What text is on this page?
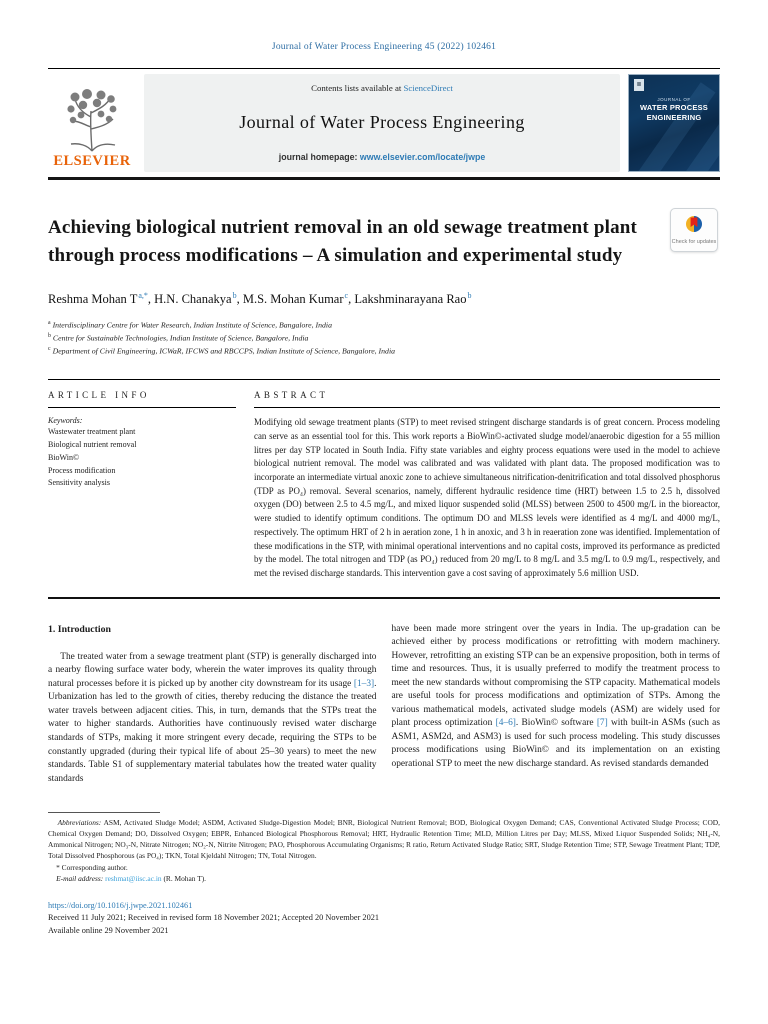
Journal of Water Process Engineering 45 (2022) 102461
ELSEVIER
Contents lists available at ScienceDirect
Journal of Water Process Engineering
journal homepage: www.elsevier.com/locate/jwpe
≣
JOURNAL OF
WATER PROCESS
ENGINEERING
Achieving biological nutrient removal in an old sewage treatment plant through process modifications – A simulation and experimental study
Check for updates
Reshma Mohan $T^{a,*}$, H.N. Chanakya$^b$, M.S. Mohan Kumar$^c$, Lakshminarayana Rao$^b$
$^a$ Interdisciplinary Centre for Water Research, Indian Institute of Science, Bangalore, India
$^b$ Centre for Sustainable Technologies, Indian Institute of Science, Bangalore, India
$^c$ Department of Civil Engineering, ICWaR, IFCWS and RBCCPS, Indian Institute of Science, Bangalore, India
ARTICLE INFO
Keywords:
Wastewater treatment plant
Biological nutrient removal
BioWin©
Process modification
Sensitivity analysis
ABSTRACT
Modifying old sewage treatment plants (STP) to meet revised stringent discharge standards is of great concern. Process modeling can serve as an essential tool for this. This work reports a BioWin©-activated sludge model/anaerobic digestion for a 55 million litres per day STP located in South India. Fifty state variables and eighty process equations were used in the model to achieve biological nutrient removal. The model was calibrated and was validated with plant data. The proposed modification was to incorporate an intermediate virtual anoxic zone to achieve simultaneous nitrification-denitrification and total dissolved phosphorus (TDP as PO₄) removal. Several scenarios, namely, different hydraulic residence time (HRT) between 1.5 to 2.5 h, dissolved oxygen (DO) between 2.5 to 4.5 mg/L, and mixed liquor suspended solid (MLSS) between 2500 to 4500 mg/L in the bioreactor, were studied to identify optimum conditions. The optimum DO and MLSS levels were identified as 4 mg/L and 4000 mg/L, respectively. The optimum HRT of 2 h in aeration zone, 1 h in anoxic, and 3 h in reaeration zone was identified. Implementation of these modifications in the STP, with minimal operational interventions and no capital costs, improved its performance as predicted by the model. The total nitrogen and TDP (as PO₄) reduced from 20 mg/L to 8 mg/L and 3.5 mg/L to 0.9 mg/L, respectively, and met the revised discharge standards. This intervention gave a cost saving of approximately 5.6 million USD.
1. Introduction

The treated water from a sewage treatment plant (STP) is generally discharged into a nearby flowing surface water body, wherein the water improves its quality through natural processes before it is picked up by another city downstream for its usage [1–3]. Urbanization has led to the growth of cities, thereby reducing the distance the treated water travels between adjacent cities. This, in turn, demands that the STPs treat the water to higher standards. Authorities have continuously revised water discharge standards of STPs, making it more stringent every decade, requiring the STPs to be constantly upgraded (during their typical life of about 25–30 years) to meet the new standards. Table S1 of supplementary material tabulates how the treated water quality standards

have been made more stringent over the years in India. The up-gradation can be achieved either by process modifications or retrofitting with modern machinery. However, retrofitting an existing STP can be an expensive proposition, both in terms of time and resources. Thus, it is usually preferred to modify the treatment process to meet the new standards without compromising the STP capacity. Mathematical models are useful tools for process modifications and optimization of STPs. Among the various mathematical models, activated sludge models (ASM) are widely used for plant process optimization [4–6]. BioWin© software [7] with built-in ASMs (such as ASM1, ASM2d, and ASM3) is used for such process modeling. This study discusses process modifications using BioWin© and its implementation on an existing operational STP to meet the new discharge standard. As revised standards demanded

Abbreviations: ASM, Activated Sludge Model; ASDM, Activated Sludge-Digestion Model; BNR, Biological Nutrient Removal; BOD, Biological Oxygen Demand; CAS, Conventional Activated Sludge Process; COD, Chemical Oxygen Demand; DO, Dissolved Oxygen; EBPR, Enhanced Biological Phosphorous Removal; HRT, Hydraulic Retention Time; MLD, Million Litres per Day; MLSS, Mixed Liquor Suspended Solids; NH₄-N, Ammonical Nitrogen; NO₃-N, Nitrate Nitrogen; NO₂-N, Nitrite Nitrogen; PAO, Phosphorous Accumulating Organisms; R ratio, Return Activated Sludge Ratio; SRT, Sludge Retention Time; STP, Sewage Treatment Plant; TDP, Total Dissolved Phosphorous (as PO₄); TKN, Total Kjeldahl Nitrogen; TN, Total Nitrogen.

* Corresponding author.
E-mail address: reshmat@iisc.ac.in (R. Mohan T).
https://doi.org/10.1016/j.jwpe.2021.102461
Received 11 July 2021; Received in revised form 18 November 2021; Accepted 20 November 2021
Available online 29 November 2021
